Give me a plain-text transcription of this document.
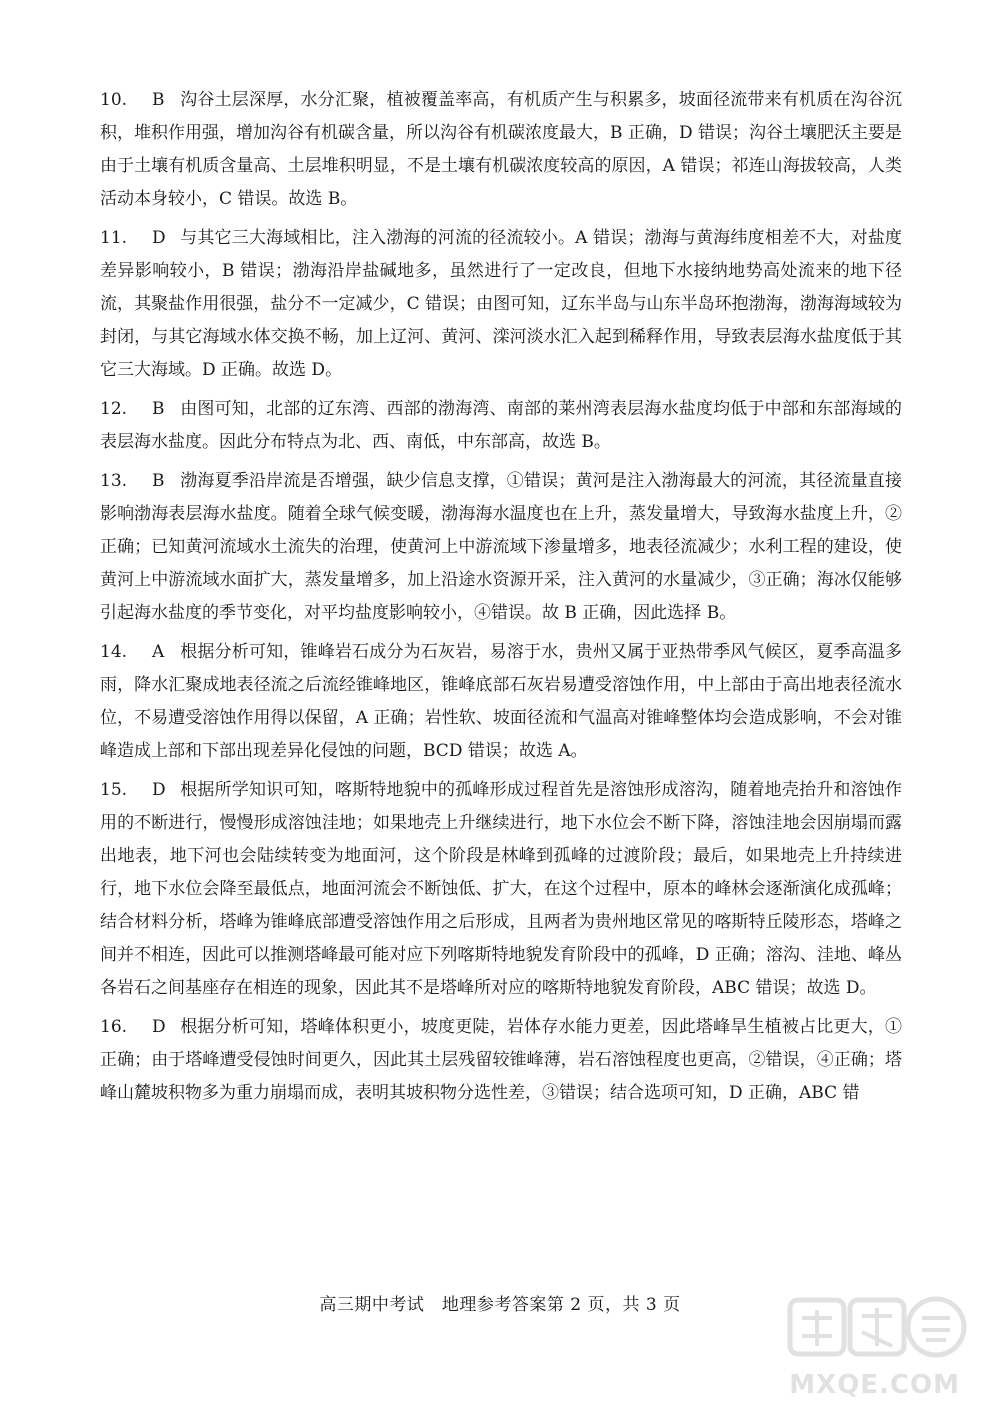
10. B 沟谷土层深厚，水分汇聚，植被覆盖率高，有机质产生与积累多，坡面径流带来有机质在沟谷沉积，堆积作用强，增加沟谷有机碳含量，所以沟谷有机碳浓度最大，B 正确，D 错误；沟谷土壤肥沃主要是由于土壤有机质含量高、土层堆积明显，不是土壤有机碳浓度较高的原因，A 错误；祁连山海拔较高，人类活动本身较小，C 错误。故选 B。

11. D 与其它三大海域相比，注入渤海的河流的径流较小。A 错误；渤海与黄海纬度相差不大，对盐度差异影响较小，B 错误；渤海沿岸盐碱地多，虽然进行了一定改良，但地下水接纳地势高处流来的地下径流，其聚盐作用很强，盐分不一定减少，C 错误；由图可知，辽东半岛与山东半岛环抱渤海，渤海海域较为封闭，与其它海域水体交换不畅，加上辽河、黄河、滦河淡水汇入起到稀释作用，导致表层海水盐度低于其它三大海域。D 正确。故选 D。

12. B 由图可知，北部的辽东湾、西部的渤海湾、南部的莱州湾表层海水盐度均低于中部和东部海域的表层海水盐度。因此分布特点为北、西、南低，中东部高，故选 B。

13. B 渤海夏季沿岸流是否增强，缺少信息支撑，①错误；黄河是注入渤海最大的河流，其径流量直接影响渤海表层海水盐度。随着全球气候变暖，渤海海水温度也在上升，蒸发量增大，导致海水盐度上升，②正确；已知黄河流域水土流失的治理，使黄河上中游流域下渗量增多，地表径流减少；水利工程的建设，使黄河上中游流域水面扩大，蒸发量增多，加上沿途水资源开采，注入黄河的水量减少，③正确；海冰仅能够引起海水盐度的季节变化，对平均盐度影响较小，④错误。故 B 正确，因此选择 B。

14. A 根据分析可知，锥峰岩石成分为石灰岩，易溶于水，贵州又属于亚热带季风气候区，夏季高温多雨，降水汇聚成地表径流之后流经锥峰地区，锥峰底部石灰岩易遭受溶蚀作用，中上部由于高出地表径流水位，不易遭受溶蚀作用得以保留，A 正确；岩性软、坡面径流和气温高对锥峰整体均会造成影响，不会对锥峰造成上部和下部出现差异化侵蚀的问题，BCD 错误；故选 A。

15. D 根据所学知识可知，喀斯特地貌中的孤峰形成过程首先是溶蚀形成溶沟，随着地壳抬升和溶蚀作用的不断进行，慢慢形成溶蚀洼地；如果地壳上升继续进行，地下水位会不断下降，溶蚀洼地会因崩塌而露出地表，地下河也会陆续转变为地面河，这个阶段是林峰到孤峰的过渡阶段；最后，如果地壳上升持续进行，地下水位会降至最低点，地面河流会不断蚀低、扩大，在这个过程中，原本的峰林会逐渐演化成孤峰；结合材料分析，塔峰为锥峰底部遭受溶蚀作用之后形成，且两者为贵州地区常见的喀斯特丘陵形态，塔峰之间并不相连，因此可以推测塔峰最可能对应下列喀斯特地貌发育阶段中的孤峰，D 正确；溶沟、洼地、峰丛各岩石之间基座存在相连的现象，因此其不是塔峰所对应的喀斯特地貌发育阶段，ABC 错误；故选 D。

16. D 根据分析可知，塔峰体积更小，坡度更陡，岩体存水能力更差，因此塔峰旱生植被占比更大，①正确；由于塔峰遭受侵蚀时间更久，因此其土层残留较锥峰薄，岩石溶蚀程度也更高，②错误，④正确；塔峰山麓坡积物多为重力崩塌而成，表明其坡积物分选性差，③错误；结合选项可知，D 正确，ABC 错

高三期中考试　地理参考答案第 2 页，共 3 页
MXQE.COM
